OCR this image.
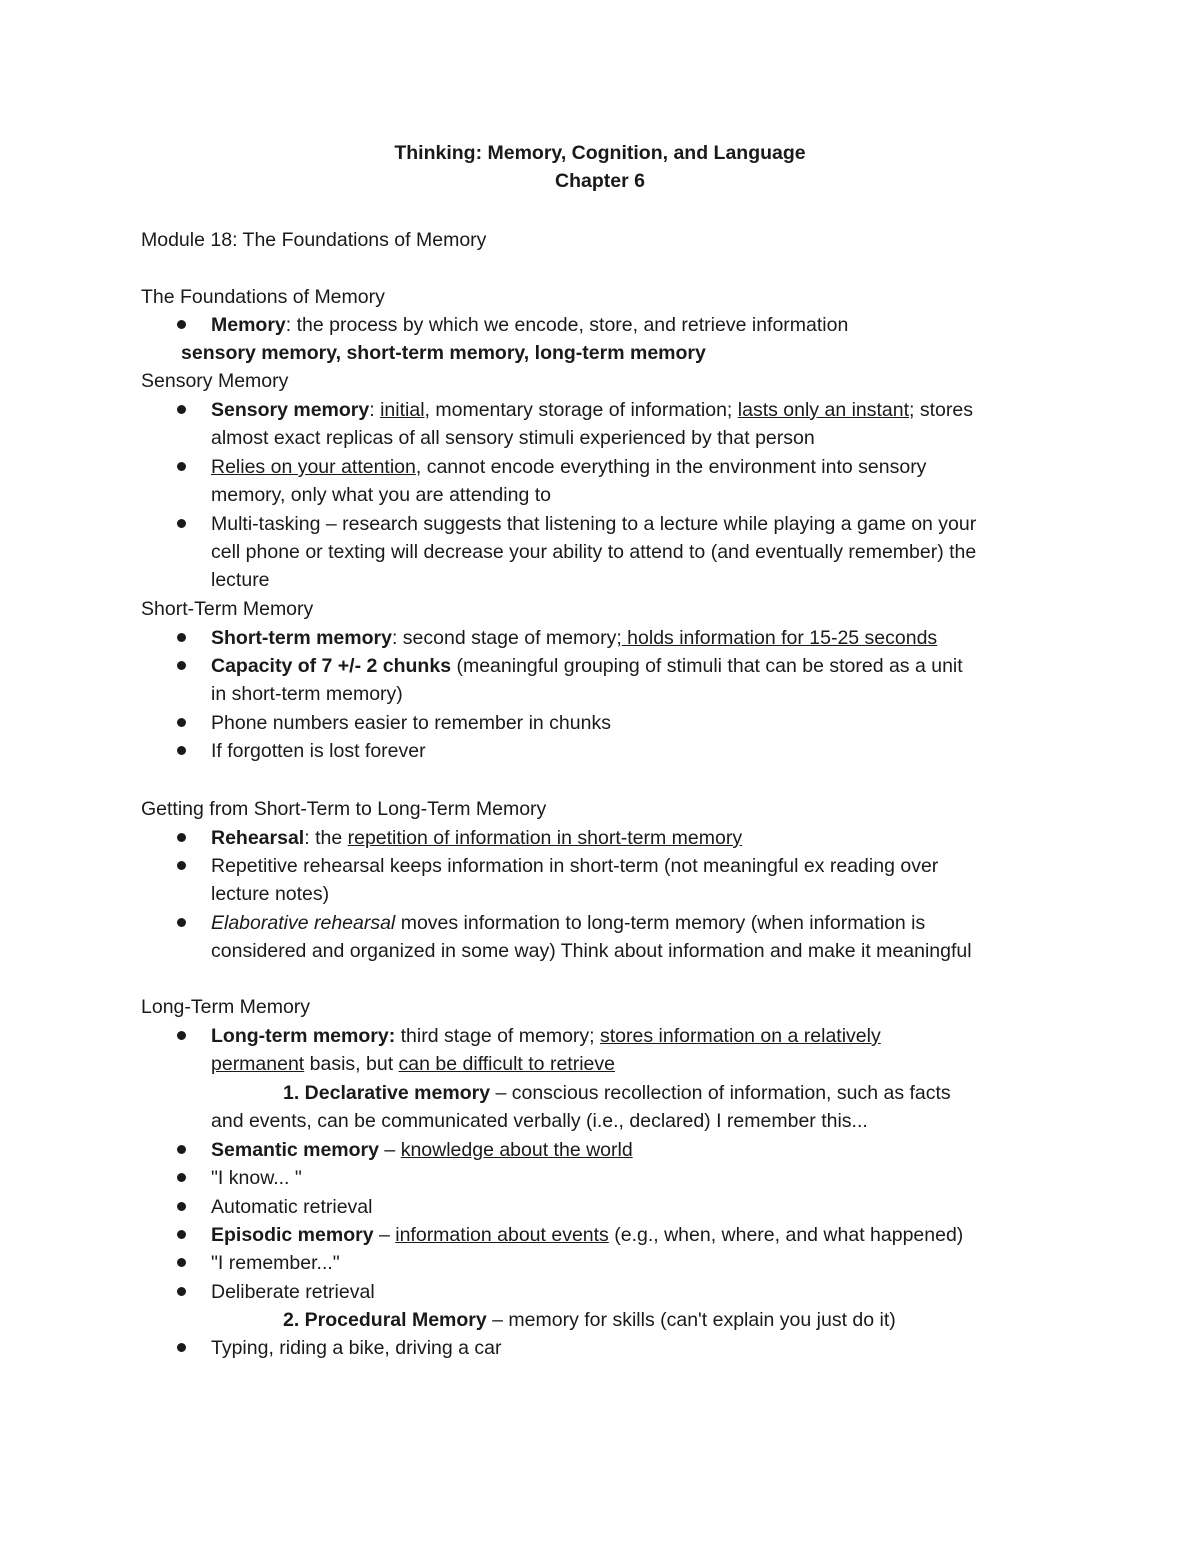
Thinking: Memory, Cognition, and Language
Chapter 6
Module 18: The Foundations of Memory
The Foundations of Memory
Memory: the process by which we encode, store, and retrieve information
sensory memory, short-term memory, long-term memory
Sensory Memory
Sensory memory: initial, momentary storage of information; lasts only an instant; stores
almost exact replicas of all sensory stimuli experienced by that person
Relies on your attention, cannot encode everything in the environment into sensory
memory, only what you are attending to
Multi-tasking – research suggests that listening to a lecture while playing a game on your
cell phone or texting will decrease your ability to attend to (and eventually remember) the
lecture
Short-Term Memory
Short-term memory: second stage of memory; holds information for 15-25 seconds
Capacity of 7 +/- 2 chunks (meaningful grouping of stimuli that can be stored as a unit
in short-term memory)
Phone numbers easier to remember in chunks
If forgotten is lost forever
Getting from Short-Term to Long-Term Memory
Rehearsal: the repetition of information in short-term memory
Repetitive rehearsal keeps information in short-term (not meaningful ex reading over
lecture notes)
Elaborative rehearsal moves information to long-term memory (when information is
considered and organized in some way) Think about information and make it meaningful
Long-Term Memory
Long-term memory: third stage of memory; stores information on a relatively
permanent basis, but can be difficult to retrieve
1. Declarative memory – conscious recollection of information, such as facts
and events, can be communicated verbally (i.e., declared) I remember this...
Semantic memory – knowledge about the world
"I know... "
Automatic retrieval
Episodic memory – information about events (e.g., when, where, and what happened)
"I remember..."
Deliberate retrieval
2. Procedural Memory – memory for skills (can't explain you just do it)
Typing, riding a bike, driving a car
